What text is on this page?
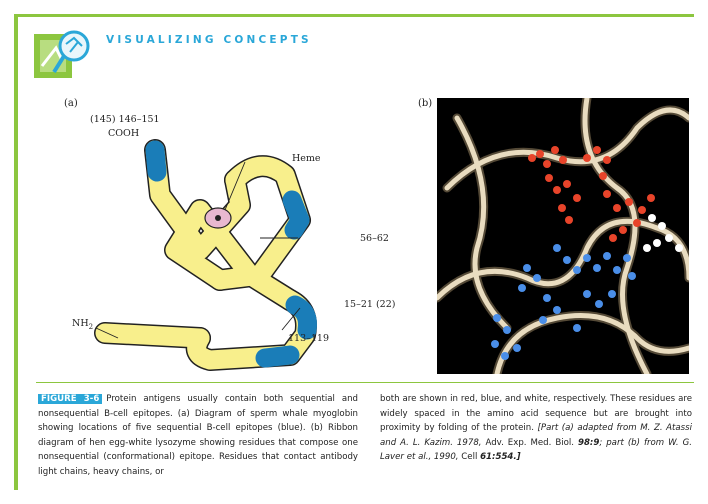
VISUALIZING CONCEPTS
(a)	(b)
(145) 146–151
COOH
Heme
56–62
15–21 (22)
113–119
$NH_2$
FIGURE 3-6 Protein antigens usually contain both sequential and nonsequential B-cell epitopes. (a) Diagram of sperm whale myoglobin showing locations of five sequential B-cell epitopes (blue). (b) Ribbon diagram of hen egg-white lysozyme showing residues that compose one nonsequential (conformational) epitope. Residues that contact antibody light chains, heavy chains, or
both are shown in red, blue, and white, respectively. These residues are widely spaced in the amino acid sequence but are brought into proximity by folding of the protein. [Part (a) adapted from M. Z. Atassi and A. L. Kazim. 1978, Adv. Exp. Med. Biol. 98:9; part (b) from W. G. Laver et al., 1990, Cell 61:554.]
